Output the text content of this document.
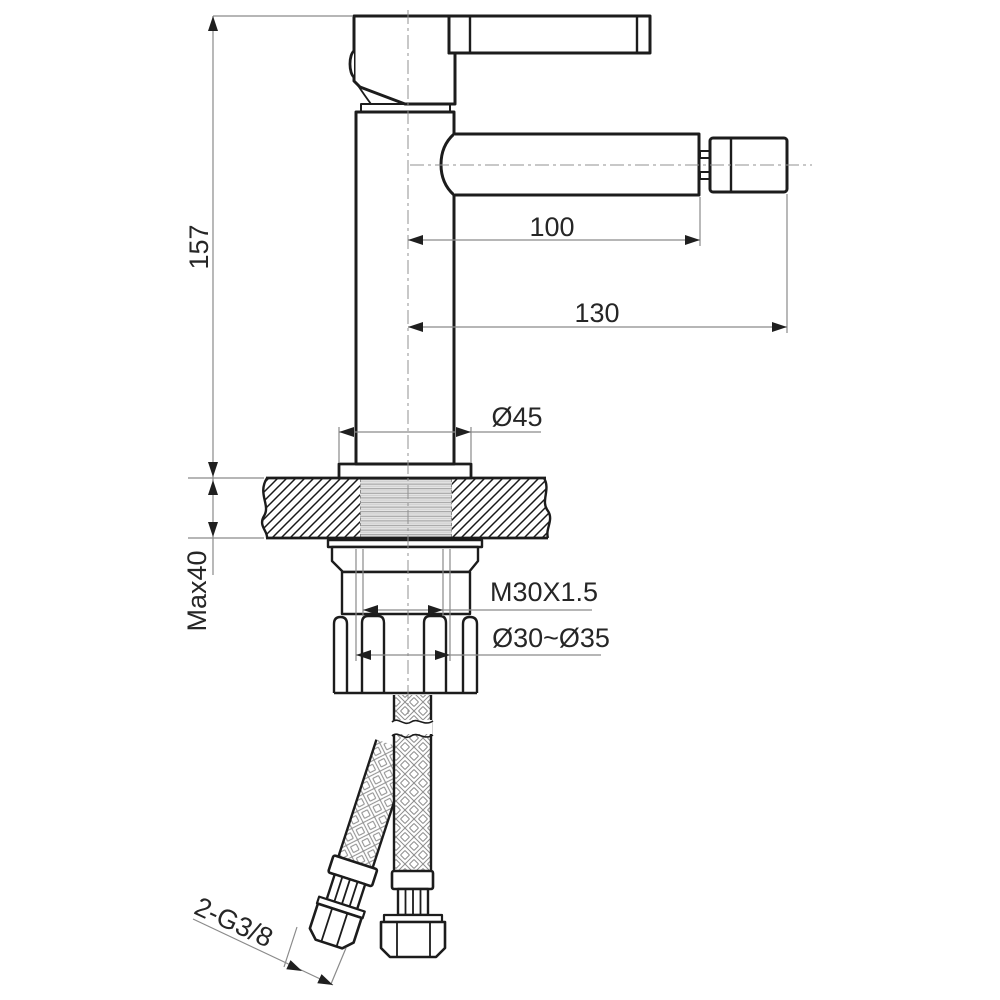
157
Max40
100
130
Ø45
M30X1.5
Ø30~Ø35
2-G3/8
